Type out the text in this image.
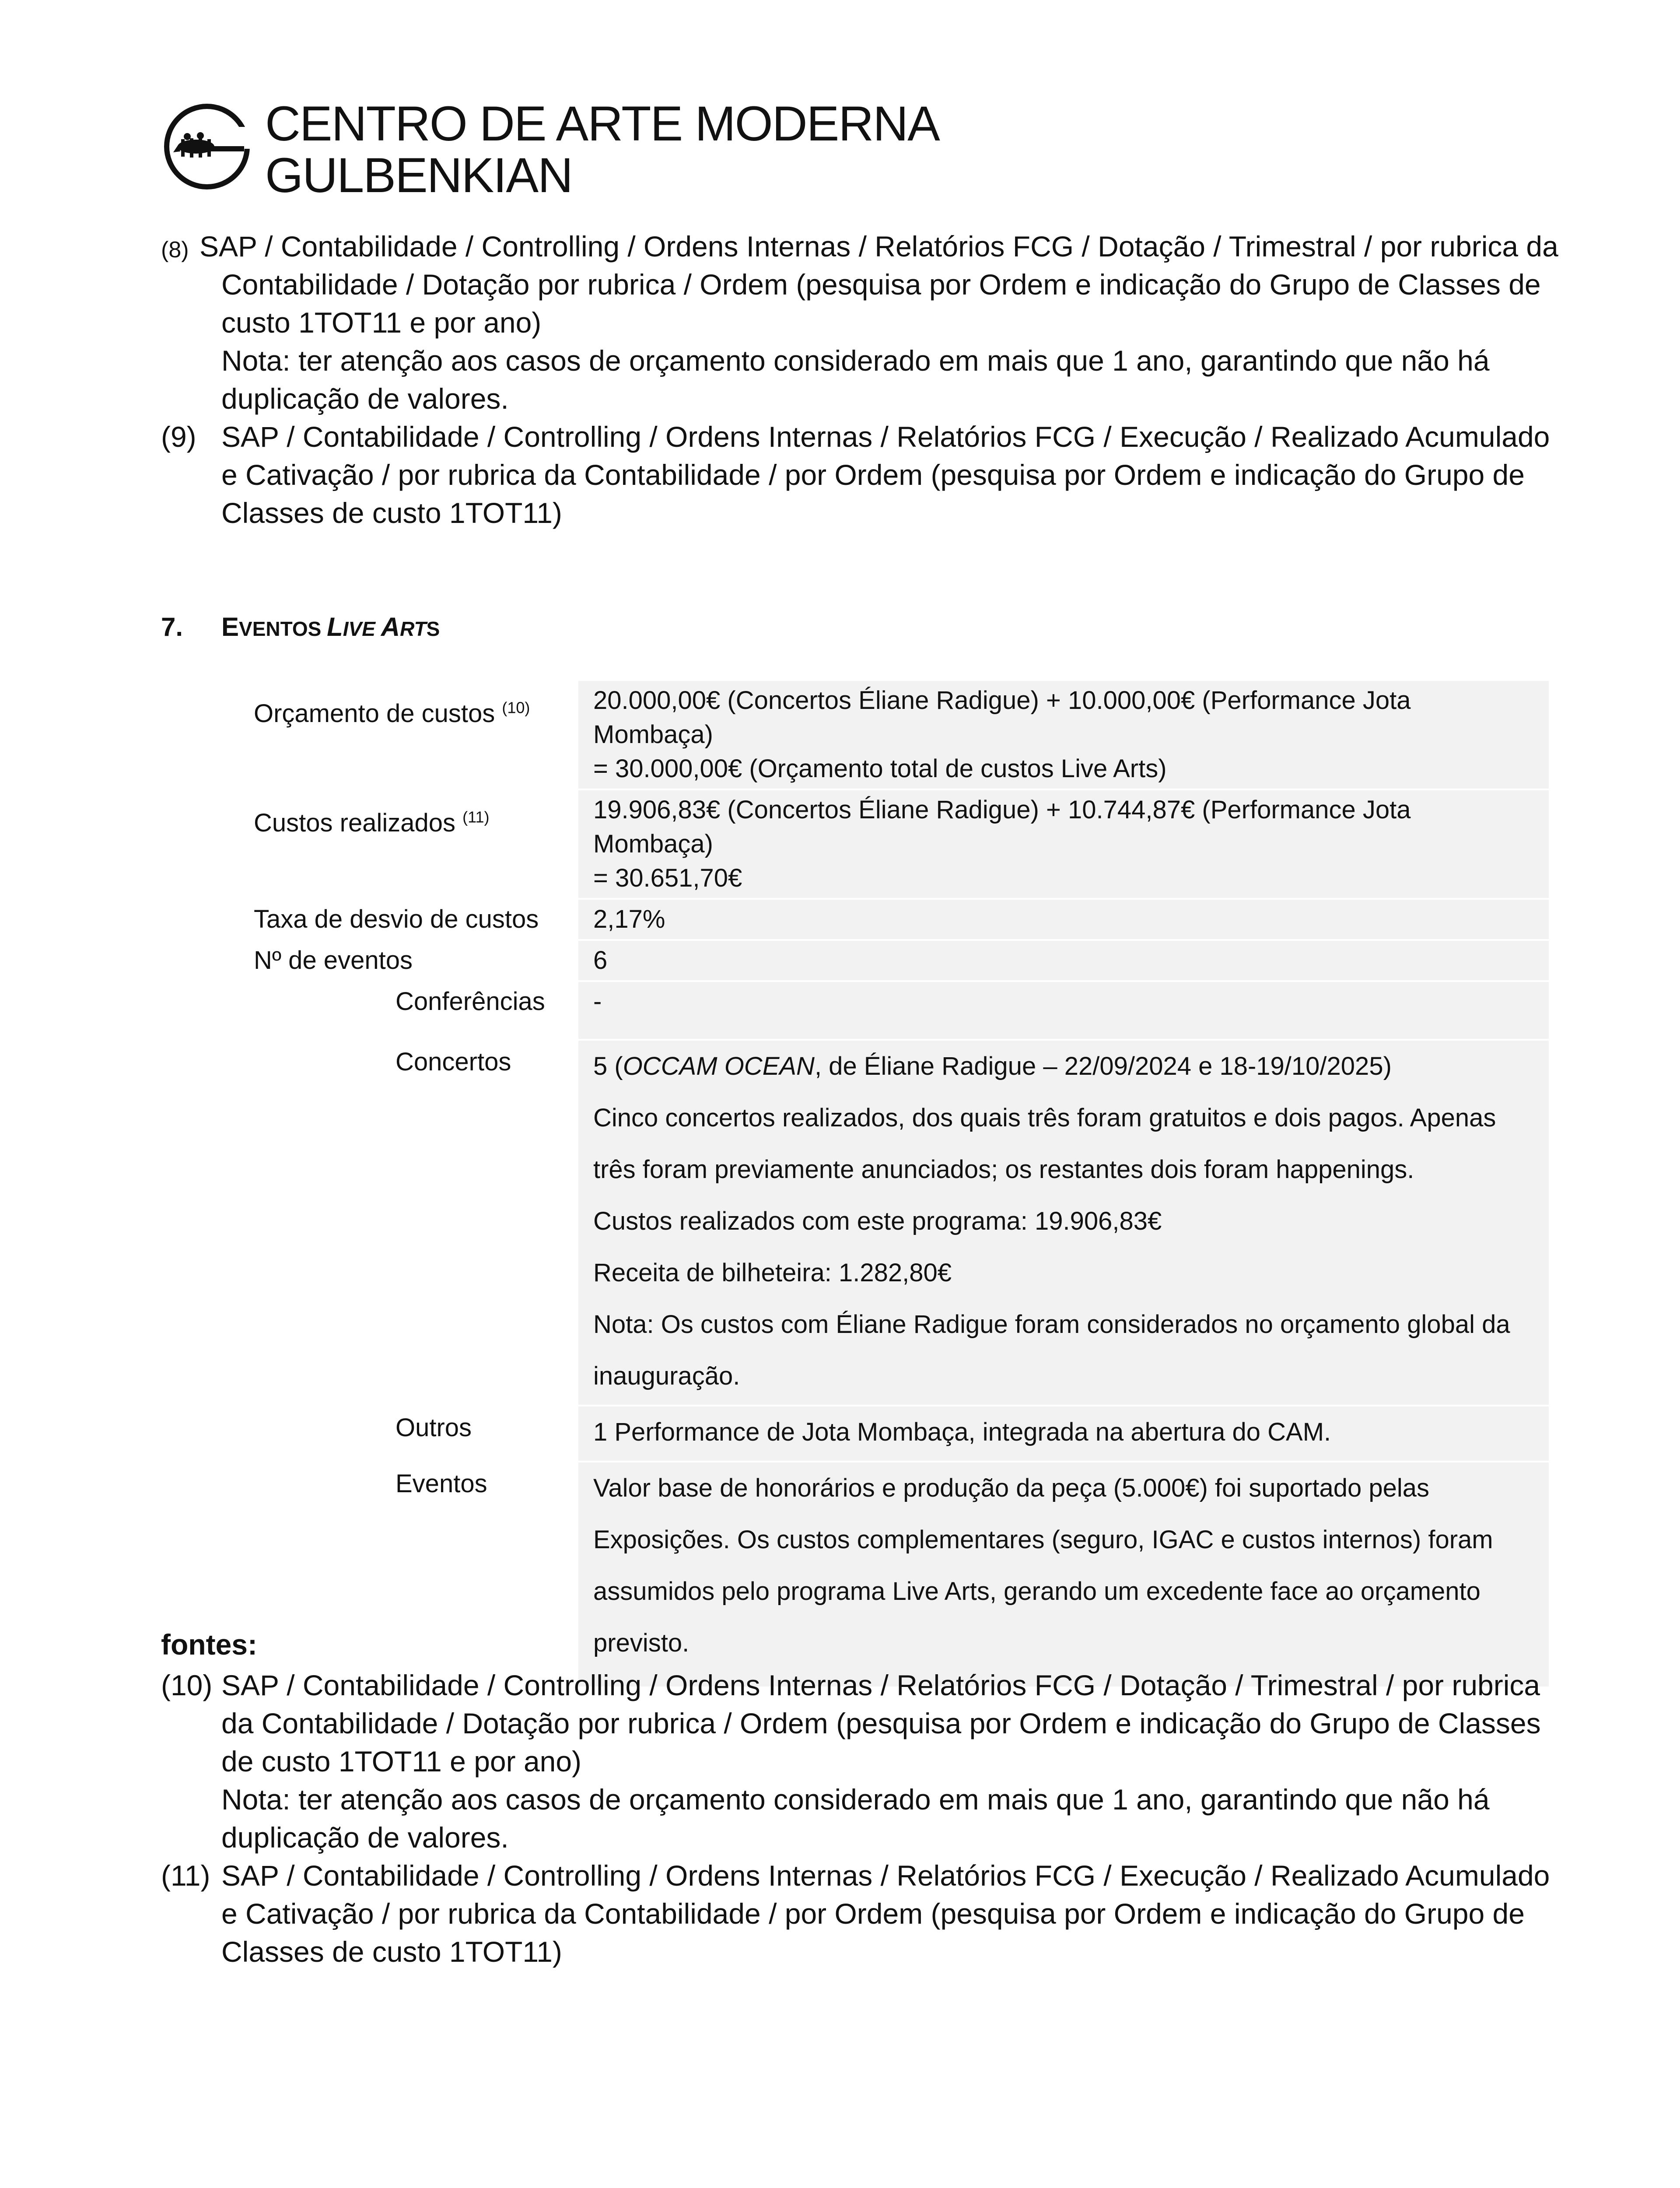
CENTRO DE ARTE MODERNA
GULBENKIAN
(8) SAP / Contabilidade / Controlling / Ordens Internas / Relatórios FCG / Dotação / Trimestral / por rubrica da Contabilidade / Dotação por rubrica / Ordem (pesquisa por Ordem e indicação do Grupo de Classes de custo 1TOT11 e por ano)

Nota: ter atenção aos casos de orçamento considerado em mais que 1 ano, garantindo que não há duplicação de valores.

(9) SAP / Contabilidade / Controlling / Ordens Internas / Relatórios FCG / Execução / Realizado Acumulado e Cativação / por rubrica da Contabilidade / por Ordem (pesquisa por Ordem e indicação do Grupo de Classes de custo 1TOT11)

7. EVENTOS LIVE ARTS
Orçamento de custos $^{(10)}$	20.000,00€ (Concertos Éliane Radigue) + 10.000,00€ (Performance Jota Mombaça)

= 30.000,00€ (Orçamento total de custos Live Arts)

Custos realizados $^{(11)}$	19.906,83€ (Concertos Éliane Radigue) + 10.744,87€ (Performance Jota Mombaça)

= 30.651,70€

Taxa de desvio de custos	2,17%
Nº de eventos	6
Conferências	-
Concertos	5 (OCCAM OCEAN, de Éliane Radigue – 22/09/2024 e 18-19/10/2025)

Cinco concertos realizados, dos quais três foram gratuitos e dois pagos. Apenas três foram previamente anunciados; os restantes dois foram happenings.

Custos realizados com este programa: 19.906,83€

Receita de bilheteira: 1.282,80€

Nota: Os custos com Éliane Radigue foram considerados no orçamento global da inauguração.

Outros	1 Performance de Jota Mombaça, integrada na abertura do CAM.

Eventos	Valor base de honorários e produção da peça (5.000€) foi suportado pelas Exposições. Os custos complementares (seguro, IGAC e custos internos) foram assumidos pelo programa Live Arts, gerando um excedente face ao orçamento previsto.

fontes:
(10) SAP / Contabilidade / Controlling / Ordens Internas / Relatórios FCG / Dotação / Trimestral / por rubrica da Contabilidade / Dotação por rubrica / Ordem (pesquisa por Ordem e indicação do Grupo de Classes de custo 1TOT11 e por ano)

Nota: ter atenção aos casos de orçamento considerado em mais que 1 ano, garantindo que não há duplicação de valores.

(11) SAP / Contabilidade / Controlling / Ordens Internas / Relatórios FCG / Execução / Realizado Acumulado e Cativação / por rubrica da Contabilidade / por Ordem (pesquisa por Ordem e indicação do Grupo de Classes de custo 1TOT11)
